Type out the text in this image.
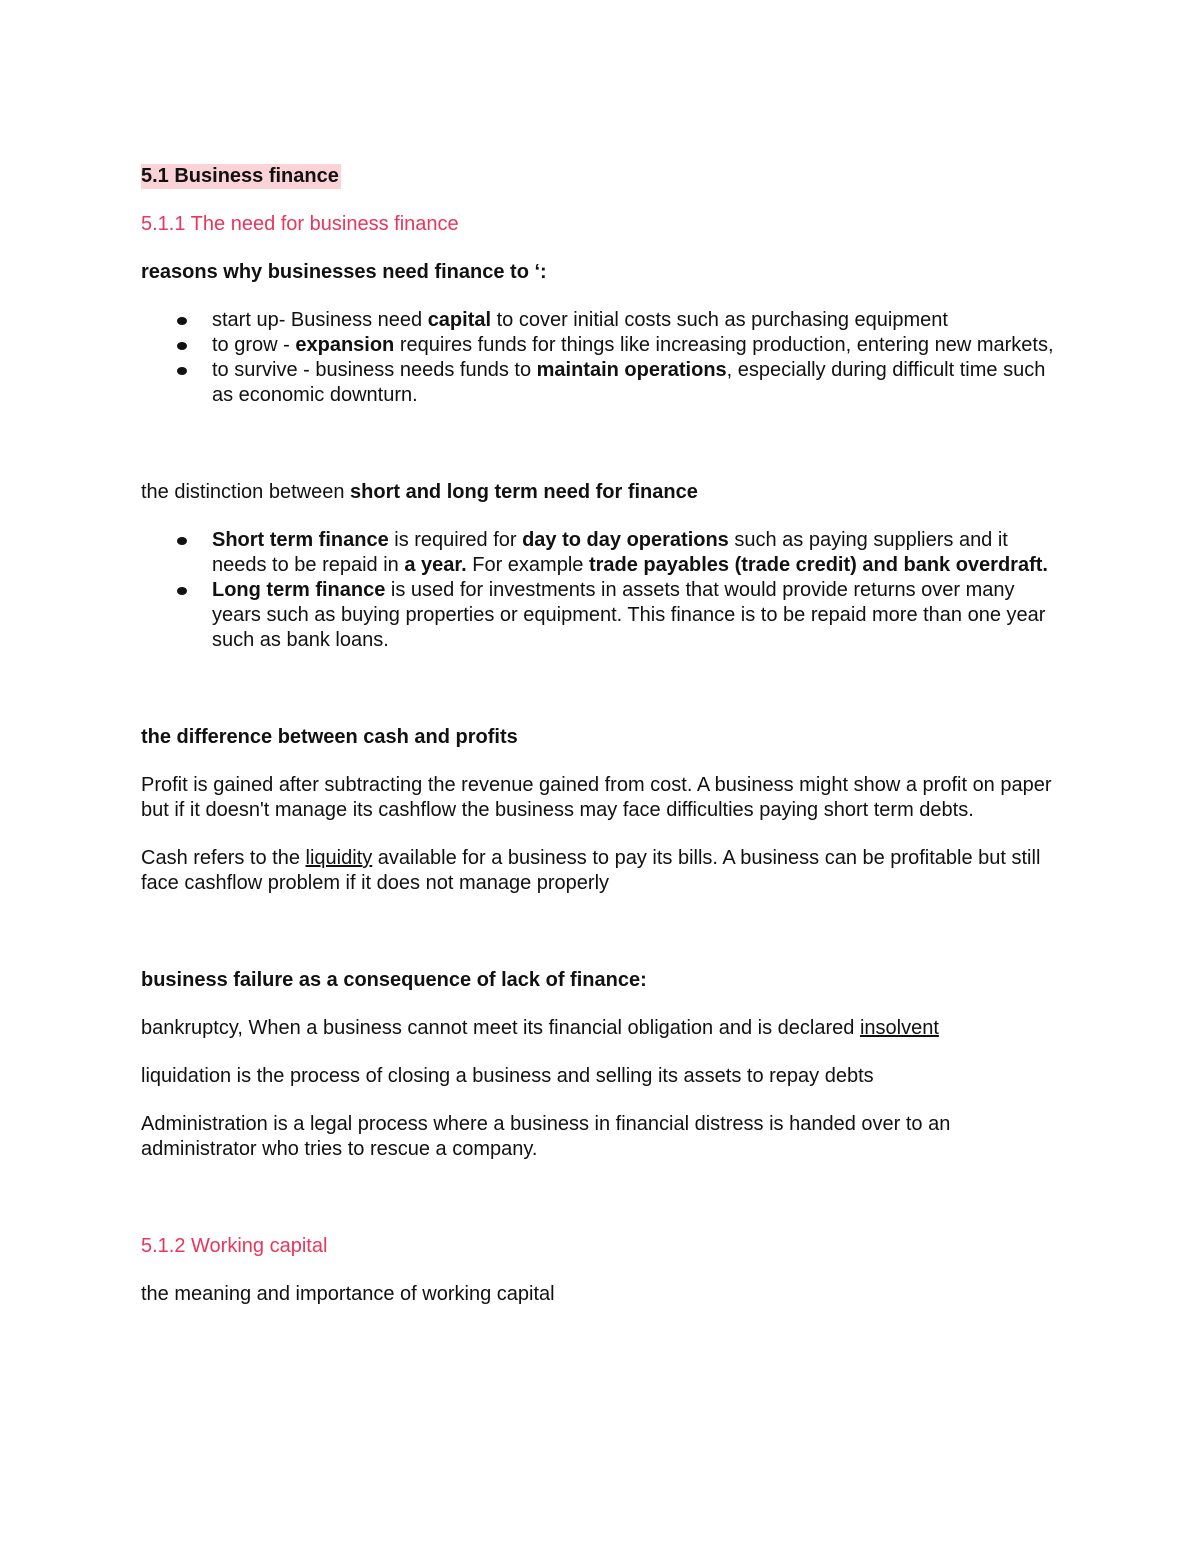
5.1 Business finance

5.1.1 The need for business finance

reasons why businesses need finance to ‘:

start up- Business need capital to cover initial costs such as purchasing equipment
to grow - expansion requires funds for things like increasing production, entering new markets,
to survive - business needs funds to maintain operations, especially during difficult time such as economic downturn.

the distinction between short and long term need for finance

Short term finance is required for day to day operations such as paying suppliers and it needs to be repaid in a year. For example trade payables (trade credit) and bank overdraft.
Long term finance is used for investments in assets that would provide returns over many years such as buying properties or equipment. This finance is to be repaid more than one year such as bank loans.

the difference between cash and profits

Profit is gained after subtracting the revenue gained from cost. A business might show a profit on paper but if it doesn't manage its cashflow the business may face difficulties paying short term debts.

Cash refers to the liquidity available for a business to pay its bills. A business can be profitable but still face cashflow problem if it does not manage properly

business failure as a consequence of lack of finance:

bankruptcy, When a business cannot meet its financial obligation and is declared insolvent

liquidation is the process of closing a business and selling its assets to repay debts

Administration is a legal process where a business in financial distress is handed over to an administrator who tries to rescue a company.

5.1.2 Working capital

the meaning and importance of working capital
